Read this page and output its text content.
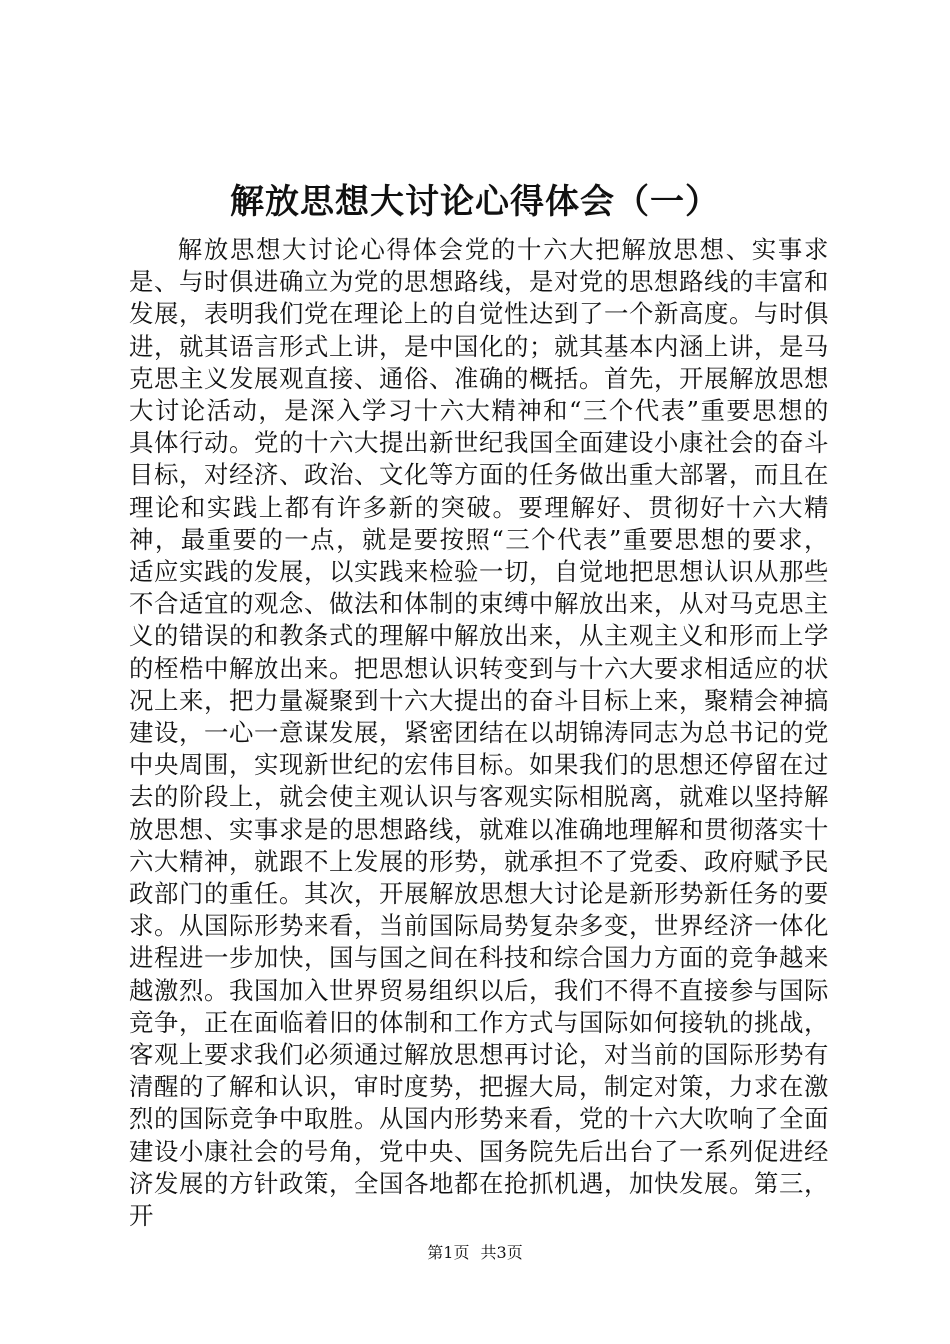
解放思想大讨论心得体会（一）

解放思想大讨论心得体会党的十六大把解放思想、实事求是、与时俱进确立为党的思想路线，是对党的思想路线的丰富和发展，表明我们党在理论上的自觉性达到了一个新高度。与时俱进，就其语言形式上讲，是中国化的；就其基本内涵上讲，是马克思主义发展观直接、通俗、准确的概括。首先，开展解放思想大讨论活动，是深入学习十六大精神和“三个代表”重要思想的具体行动。党的十六大提出新世纪我国全面建设小康社会的奋斗目标，对经济、政治、文化等方面的任务做出重大部署，而且在理论和实践上都有许多新的突破。要理解好、贯彻好十六大精神，最重要的一点，就是要按照“三个代表”重要思想的要求，适应实践的发展，以实践来检验一切，自觉地把思想认识从那些不合适宜的观念、做法和体制的束缚中解放出来，从对马克思主义的错误的和教条式的理解中解放出来，从主观主义和形而上学的桎梏中解放出来。把思想认识转变到与十六大要求相适应的状况上来，把力量凝聚到十六大提出的奋斗目标上来，聚精会神搞建设，一心一意谋发展，紧密团结在以胡锦涛同志为总书记的党中央周围，实现新世纪的宏伟目标。如果我们的思想还停留在过去的阶段上，就会使主观认识与客观实际相脱离，就难以坚持解放思想、实事求是的思想路线，就难以准确地理解和贯彻落实十六大精神，就跟不上发展的形势，就承担不了党委、政府赋予民政部门的重任。其次，开展解放思想大讨论是新形势新任务的要求。从国际形势来看，当前国际局势复杂多变，世界经济一体化进程进一步加快，国与国之间在科技和综合国力方面的竞争越来越激烈。我国加入世界贸易组织以后，我们不得不直接参与国际竞争，正在面临着旧的体制和工作方式与国际如何接轨的挑战，客观上要求我们必须通过解放思想再讨论，对当前的国际形势有清醒的了解和认识，审时度势，把握大局，制定对策，力求在激烈的国际竞争中取胜。从国内形势来看，党的十六大吹响了全面建设小康社会的号角，党中央、国务院先后出台了一系列促进经济发展的方针政策，全国各地都在抢抓机遇，加快发展。第三，开

第1页 共3页
